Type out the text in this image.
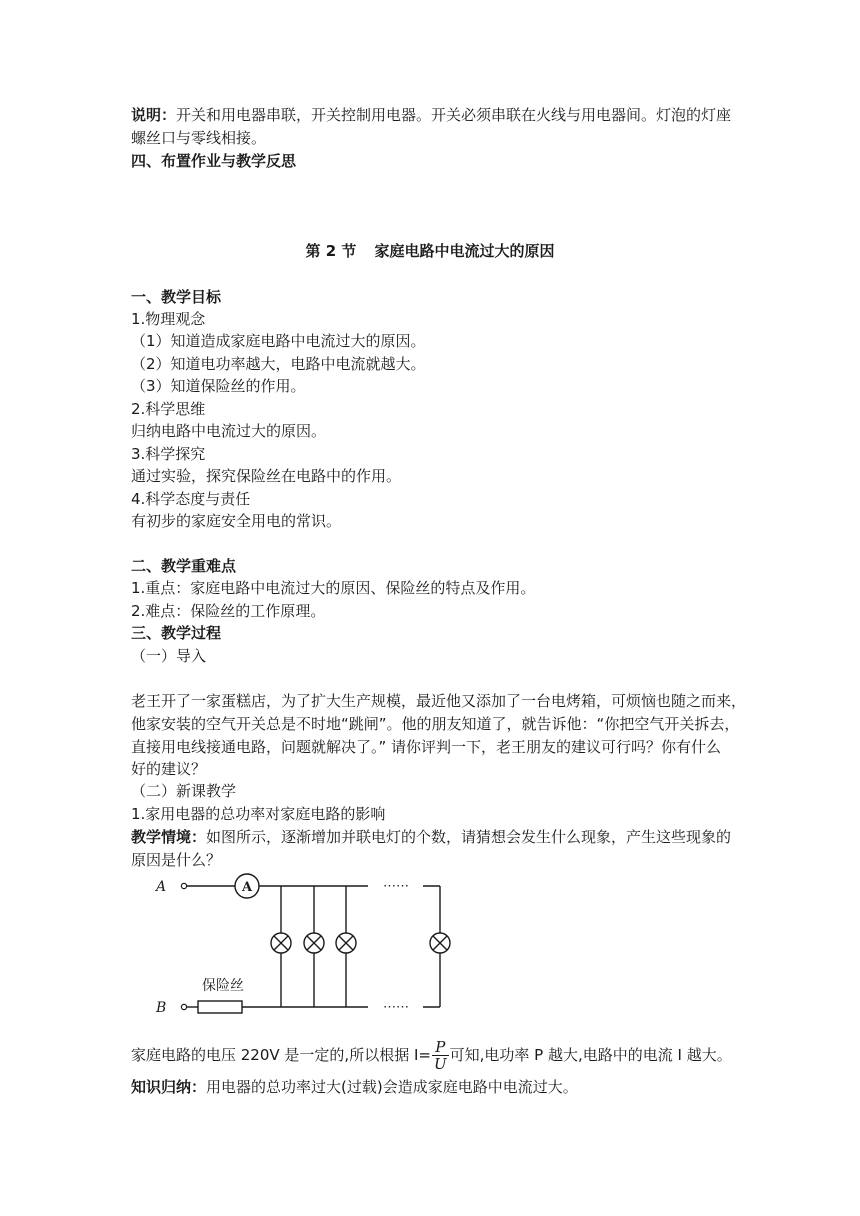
说明：开关和用电器串联，开关控制用电器。开关必须串联在火线与用电器间。灯泡的灯座
螺丝口与零线相接。
四、布置作业与教学反思
第 2 节 家庭电路中电流过大的原因
一、教学目标
1.物理观念
（1）知道造成家庭电路中电流过大的原因。
（2）知道电功率越大，电路中电流就越大。
（3）知道保险丝的作用。
2.科学思维
归纳电路中电流过大的原因。
3.科学探究
通过实验，探究保险丝在电路中的作用。
4.科学态度与责任
有初步的家庭安全用电的常识。
二、教学重难点
1.重点：家庭电路中电流过大的原因、保险丝的特点及作用。
2.难点：保险丝的工作原理。
三、教学过程
（一）导入
老王开了一家蛋糕店，为了扩大生产规模，最近他又添加了一台电烤箱，可烦恼也随之而来，
他家安装的空气开关总是不时地“跳闸”。他的朋友知道了，就告诉他：“你把空气开关拆去，
直接用电线接通电路，问题就解决了。” 请你评判一下，老王朋友的建议可行吗？你有什么
好的建议？
（二）新课教学
1.家用电器的总功率对家庭电路的影响
教学情境：如图所示，逐渐增加并联电灯的个数，请猜想会发生什么现象，产生这些现象的
原因是什么？
A
B
A
保险丝
⋯⋯
⋯⋯
家庭电路的电压 220V 是一定的,所以根据 $I= \frac{P}{U}$ 可知,电功率 P 越大,电路中的电流 I 越大。
知识归纳：用电器的总功率过大(过载)会造成家庭电路中电流过大。
